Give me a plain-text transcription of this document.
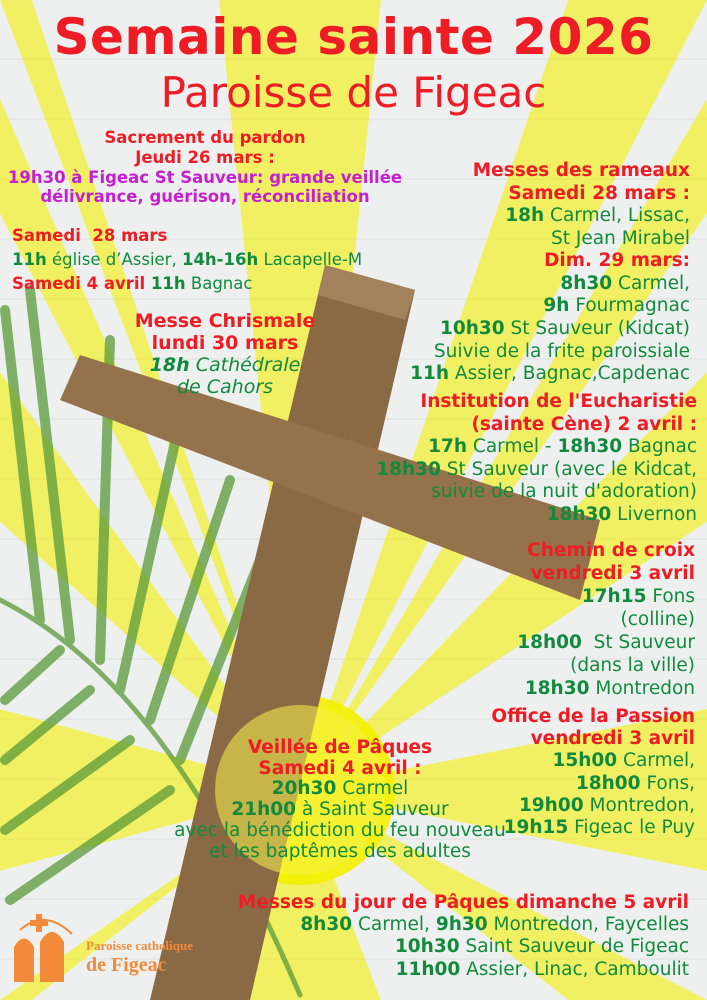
Semaine sainte 2026
Paroisse de Figeac
Sacrement du pardon
Jeudi 26 mars :
19h30 à Figeac St Sauveur: grande veillée
délivrance, guérison, réconciliation
Samedi  28 mars
11h église d’Assier, 14h-16h Lacapelle-M
Samedi 4 avril 11h Bagnac
Messe Chrismale
lundi 30 mars
18h Cathédrale
de Cahors
Messes des rameaux
Samedi 28 mars :
18h Carmel, Lissac,
St Jean Mirabel
Dim. 29 mars:
8h30 Carmel,
9h Fourmagnac
10h30 St Sauveur (Kidcat)
Suivie de la frite paroissiale
11h Assier, Bagnac,Capdenac
Institution de l'Eucharistie
(sainte Cène) 2 avril :
17h Carmel - 18h30 Bagnac
18h30 St Sauveur (avec le Kidcat,
suivie de la nuit d'adoration)
18h30 Livernon
Chemin de croix
vendredi 3 avril
17h15 Fons
(colline)
18h00  St Sauveur
(dans la ville)
18h30 Montredon
Office de la Passion
vendredi 3 avril
15h00 Carmel,
18h00 Fons,
19h00 Montredon,
19h15 Figeac le Puy
Veillée de Pâques
Samedi 4 avril :
20h30 Carmel
21h00 à Saint Sauveur
avec la bénédiction du feu nouveau
et les baptêmes des adultes
Messes du jour de Pâques dimanche 5 avril
8h30 Carmel, 9h30 Montredon, Faycelles
10h30 Saint Sauveur de Figeac
11h00 Assier, Linac, Camboulit
Paroisse catholique
de Figeac
